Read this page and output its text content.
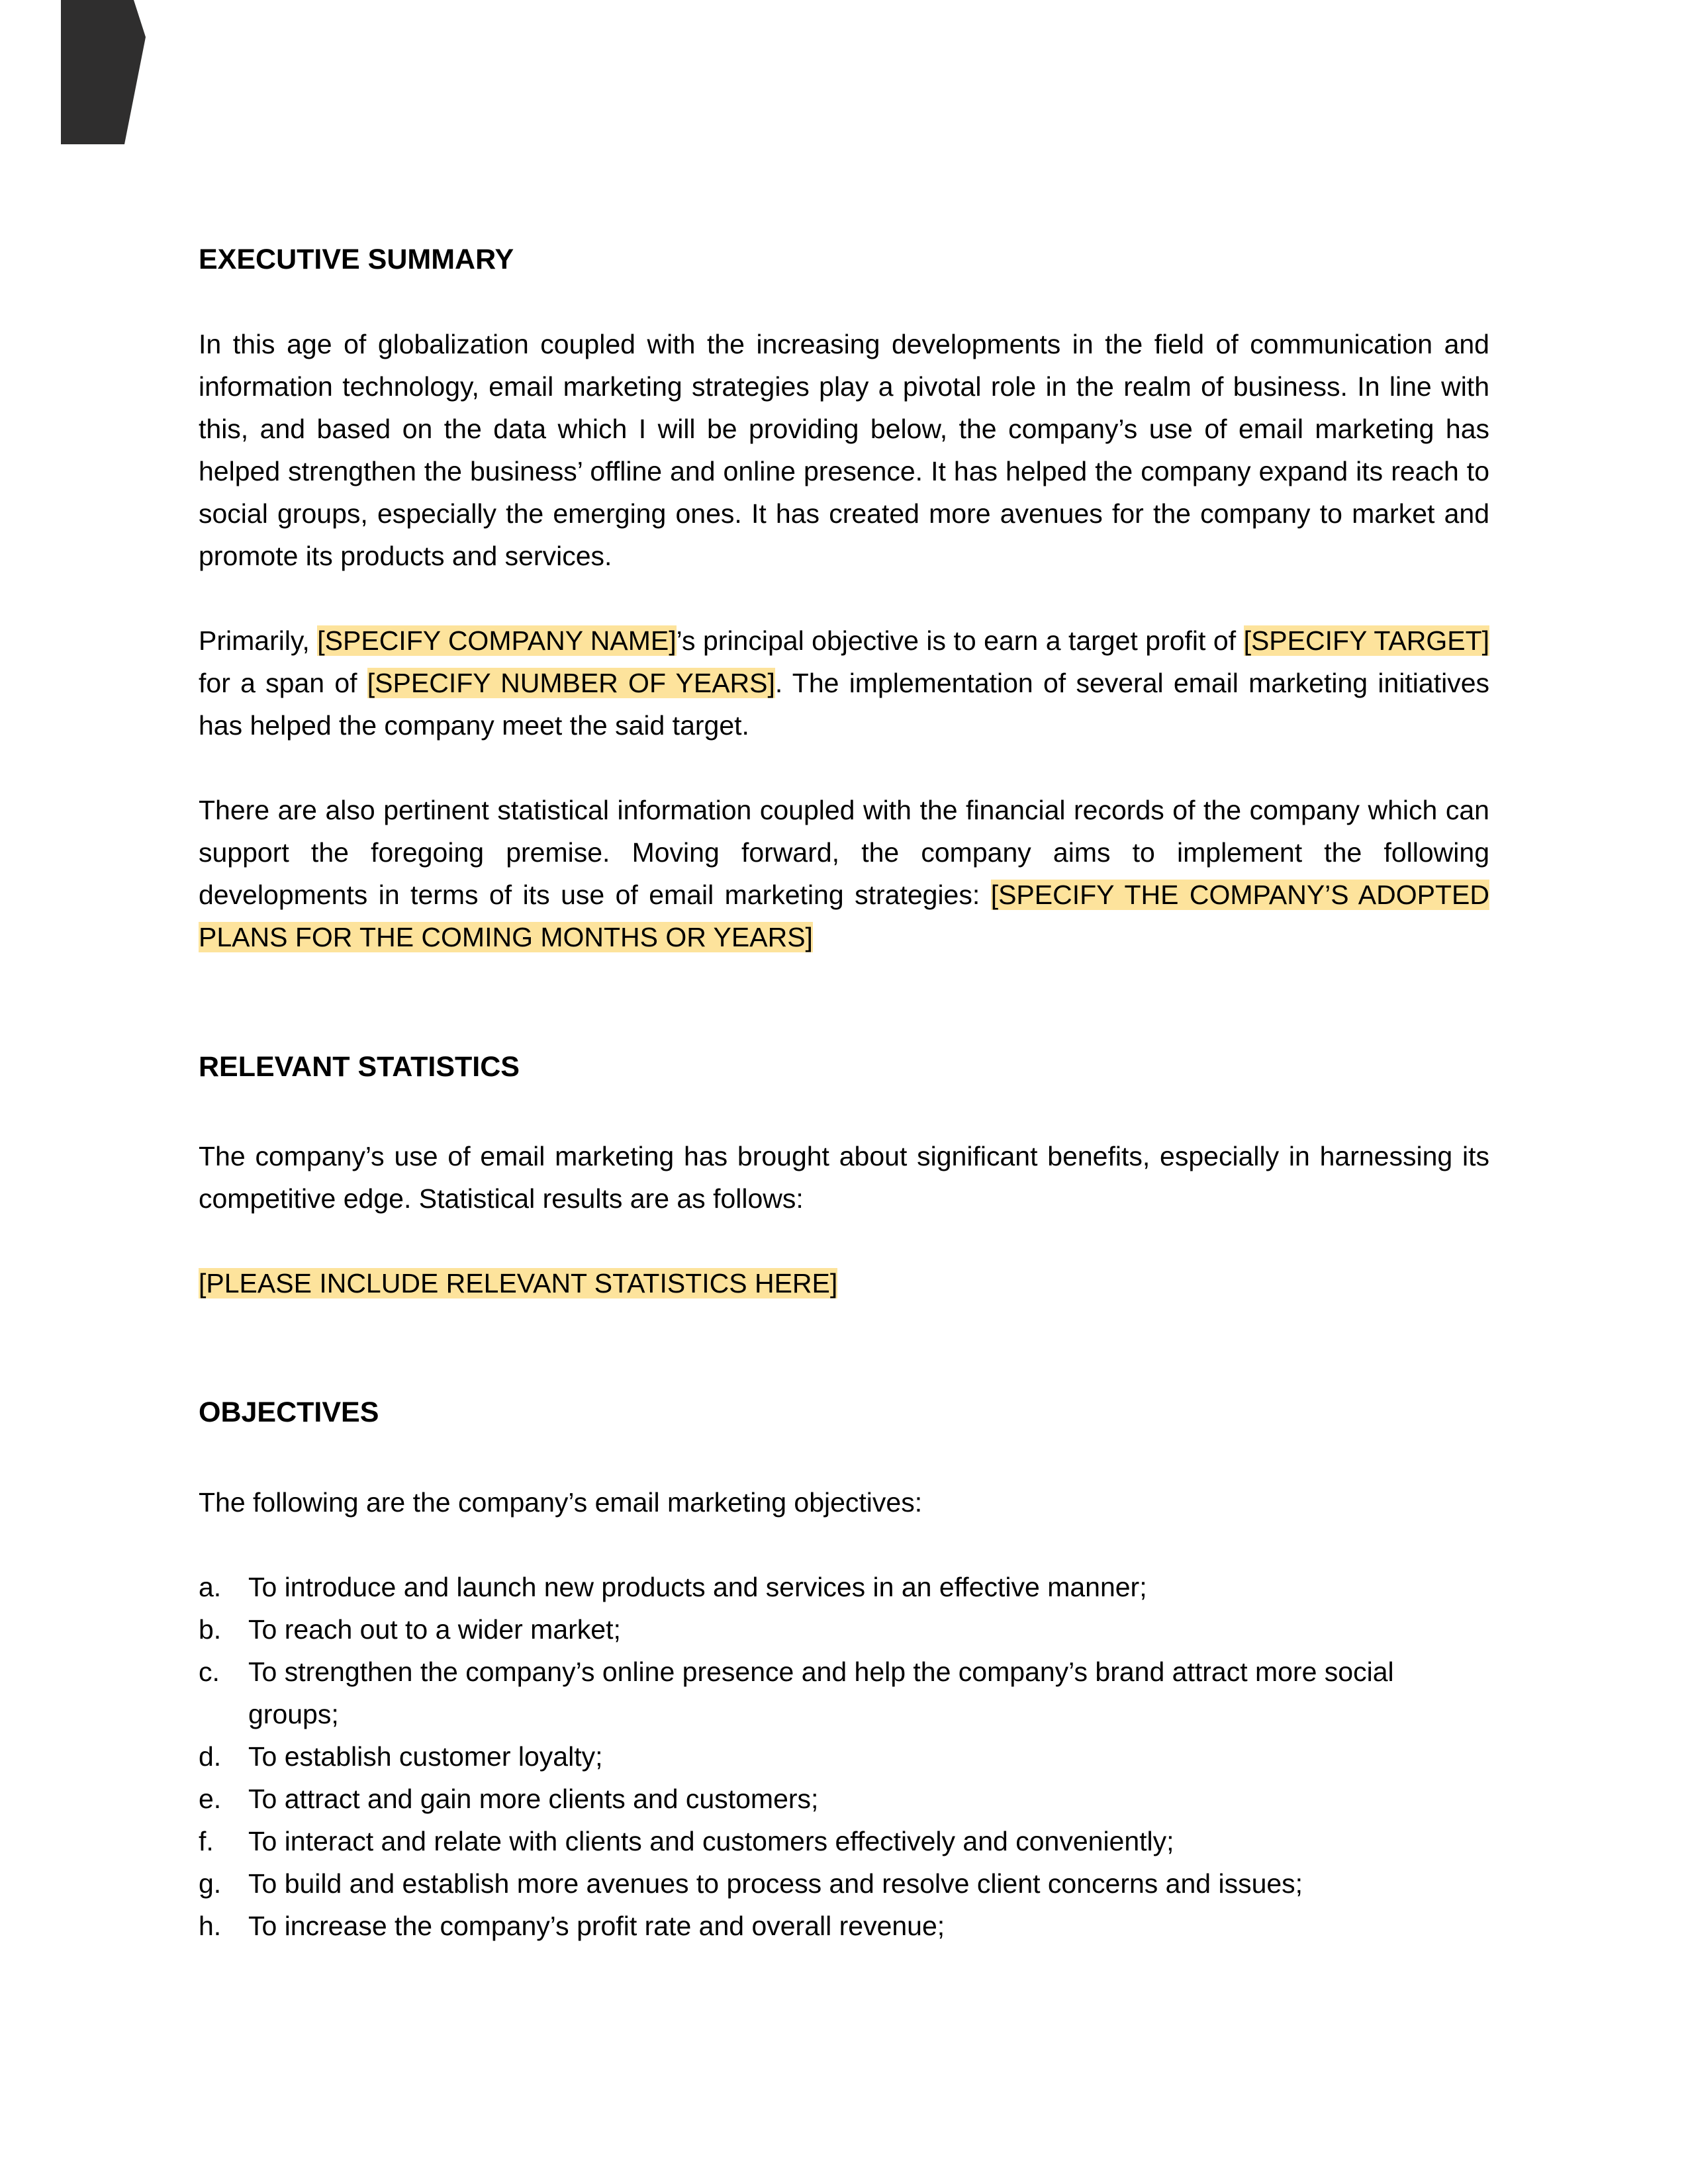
EXECUTIVE SUMMARY

In this age of globalization coupled with the increasing developments in the field of communication and information technology, email marketing strategies play a pivotal role in the realm of business. In line with this, and based on the data which I will be providing below, the company’s use of email marketing has helped strengthen the business’ offline and online presence. It has helped the company expand its reach to social groups, especially the emerging ones. It has created more avenues for the company to market and promote its products and services.

Primarily, [SPECIFY COMPANY NAME]’s principal objective is to earn a target profit of [SPECIFY TARGET] for a span of [SPECIFY NUMBER OF YEARS]. The implementation of several email marketing initiatives has helped the company meet the said target.

There are also pertinent statistical information coupled with the financial records of the company which can support the foregoing premise. Moving forward, the company aims to implement the following developments in terms of its use of email marketing strategies: [SPECIFY THE COMPANY’S ADOPTED PLANS FOR THE COMING MONTHS OR YEARS]

RELEVANT STATISTICS

The company’s use of email marketing has brought about significant benefits, especially in harnessing its competitive edge. Statistical results are as follows:

[PLEASE INCLUDE RELEVANT STATISTICS HERE]

OBJECTIVES

The following are the company’s email marketing objectives:

a. To introduce and launch new products and services in an effective manner;
b. To reach out to a wider market;
c.	To strengthen the company’s online presence and help the company’s brand attract more social groups;
d. To establish customer loyalty;
e. To attract and gain more clients and customers;
f.	To interact and relate with clients and customers effectively and conveniently;
g. To build and establish more avenues to process and resolve client concerns and issues;
h. To increase the company’s profit rate and overall revenue;
